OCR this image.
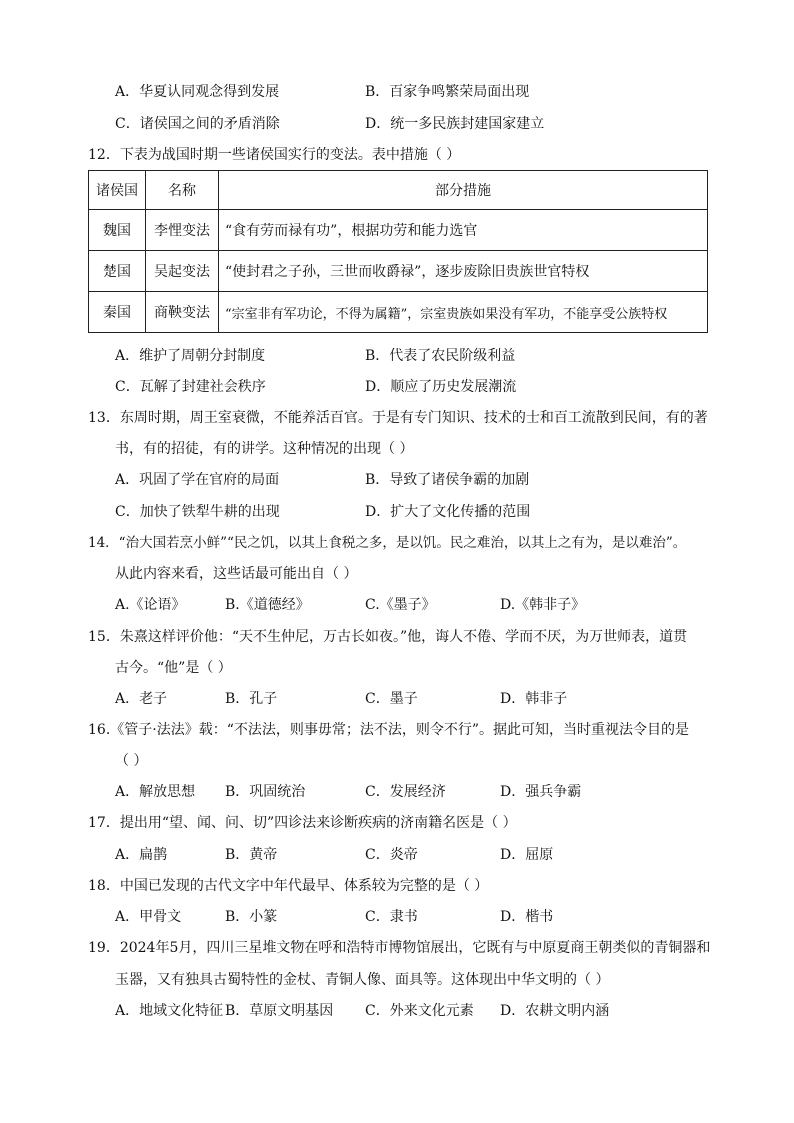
A．华夏认同观念得到发展	B．百家争鸣繁荣局面出现
C．诸侯国之间的矛盾消除	D．统一多民族封建国家建立
12．下表为战国时期一些诸侯国实行的变法。表中措施（ ）
诸侯国	名称	部分措施
魏国	李悝变法	“食有劳而禄有功”，根据功劳和能力选官
楚国	吴起变法	“使封君之子孙，三世而收爵禄”，逐步废除旧贵族世官特权
秦国	商鞅变法	“宗室非有军功论，不得为属籍”，宗室贵族如果没有军功，不能享受公族特权
A．维护了周朝分封制度	B．代表了农民阶级利益
C．瓦解了封建社会秩序	D．顺应了历史发展潮流
13．东周时期，周王室衰微，不能养活百官。于是有专门知识、技术的士和百工流散到民间，有的著
书，有的招徒，有的讲学。这种情况的出现（ ）
A．巩固了学在官府的局面	B．导致了诸侯争霸的加剧
C．加快了铁犁牛耕的出现	D．扩大了文化传播的范围
14．“治大国若烹小鲜”“民之饥，以其上食税之多，是以饥。民之难治，以其上之有为，是以难治”。
从此内容来看，这些话最可能出自（ ）
A.《论语》	B.《道德经》	C.《墨子》	D.《韩非子》
15．朱熹这样评价他：“天不生仲尼，万古长如夜。”他，诲人不倦、学而不厌，为万世师表，道贯
古今。“他”是（ ）
A．老子	B．孔子	C．墨子	D．韩非子
16.《管子·法法》载：“不法法，则事毋常；法不法，则令不行”。据此可知，当时重视法令目的是
（ ）
A．解放思想 B．巩固统治	C．发展经济	D．强兵争霸
17．提出用“望、闻、问、切”四诊法来诊断疾病的济南籍名医是（ ）
A．扁鹊	B．黄帝	C．炎帝	D．屈原
18．中国已发现的古代文字中年代最早、体系较为完整的是（ ）
A．甲骨文	B．小篆	C．隶书	D．楷书
19．2024年5月，四川三星堆文物在呼和浩特市博物馆展出，它既有与中原夏商王朝类似的青铜器和
玉器，又有独具古蜀特性的金杖、青铜人像、面具等。这体现出中华文明的（ ）
A．地域文化特征 B．草原文明基因 C．外来文化元素 D．农耕文明内涵
